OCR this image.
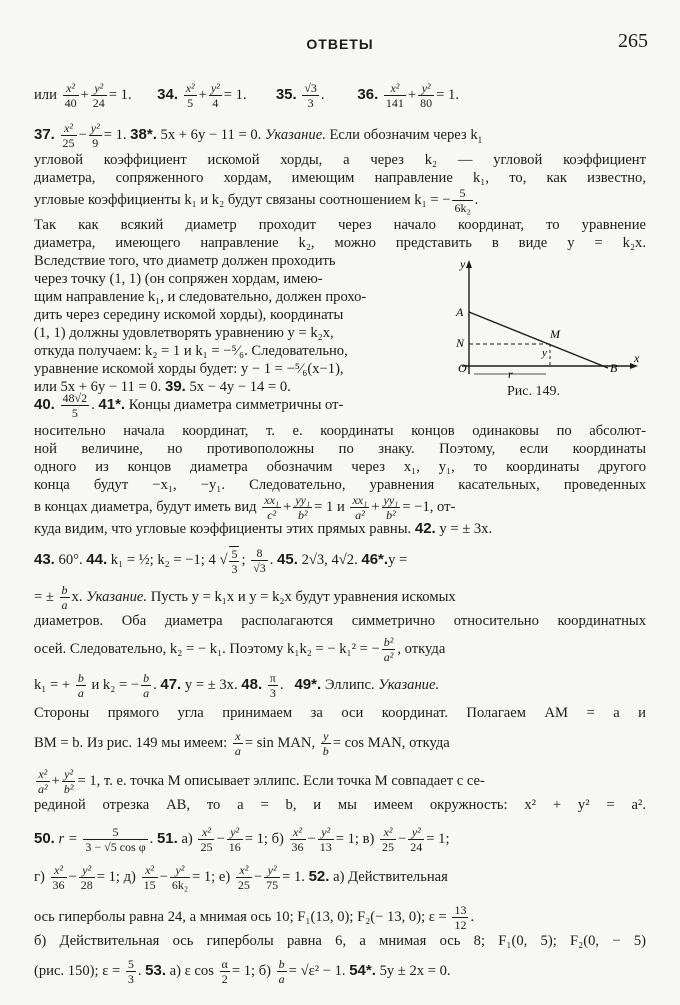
ОТВЕТЫ	265
или $\frac{\text{x²}}{40} + \frac{\text{y²}}{24} = 1$.       34. $\frac{\text{x²}}{5} + \frac{\text{y²}}{4} = 1$.        35. $\frac{√3}{3}$ .         36. $\frac{\text{x²}}{141} + \frac{\text{y²}}{80} = 1$.
37. $\frac{\text{x²}}{25} - \frac{\text{y²}}{9} = 1$. 38*. 5x + 6y − 11 = 0. Указание. Если обозначим через $k_1$
угловой коэффициент искомой хорды, а через k₂ — угловой коэффициент
диаметра, сопряженного хордам, имеющим направление k₁, то, как известно,
угловые коэффициенты k₁ и k₂ будут связаны соотношением k₁ = − $\frac{5}{\text{6k₂}}$ .
Так как всякий диаметр проходит через начало координат, то уравнение
диаметра, имеющего направление k₂, можно представить в виде y = k₂x.
Вследствие того, что диаметр должен проходить
через точку (1, 1) (он сопряжен хордам, имею-
щим направление k₁, и следовательно, должен прохо-
дить через середину искомой хорды), координаты
(1, 1) должны удовлетворять уравнению y = k₂x,
откуда получаем: k₂ = 1 и k₁ = −⁵⁄₆. Следовательно,
уравнение искомой хорды будет: y − 1 = −⁵⁄₆(x−1),
или 5x + 6y − 11 = 0. 39. 5x − 4y − 14 = 0.
y
A
M
N
O	B
x
r
y
Рис. 149.
40. $\frac{48√2}{5}$ . 41*. Концы диаметра симметричны от-
носительно начала координат, т. е. координаты концов одинаковы по абсолют-
ной величине, но противоположны по знаку. Поэтому, если координаты
одного из концов диаметра обозначим через x₁, y₁, то координаты другого
конца будут −x₁, −y₁. Следовательно, уравнения касательных, проведенных
в концах диаметра, будут иметь вид $\frac{\text{xx₁}}{\text{c²}} + \frac{\text{yy₁}}{\text{b²}} = 1$ и $\frac{\text{xx₁}}{\text{a²}} + \frac{\text{yy₁}}{\text{b²}} = -1$, от-
куда видим, что угловые коэффициенты этих прямых равны. 42. y = ± 3x.
43. 60°. 44. k₁ = ½; k₂ = −1; 4 √ $\frac{5}{3}$ ; $\frac{8}{√3}$ . 45. 2√3, 4√2. 46*.y =
= ± $\frac{b}{a} x$. Указание. Пусть y = k₁x и y = k₂x будут уравнения искомых
диаметров. Оба диаметра располагаются симметрично относительно координатных
осей. Следовательно, k₂ = − k₁. Поэтому k₁k₂ = − k₁² = − $\frac{\text{b²}}{\text{a²}}$ , откуда
k₁ = + $\frac{b}{a}$ и k₂ = − $\frac{b}{a}$ . 47. y = ± 3x. 48. $\frac{\pi}{3}$ .   49*. Эллипс. Указание.
Стороны прямого угла принимаем за оси координат. Полагаем AM = a и
BM = b. Из рис. 149 мы имеем: $\frac{x}{a} = \sin$ MAN, $\frac{y}{b} = \cos$ MAN, откуда
$\frac{\text{x²}}{\text{a²}} + \frac{\text{y²}}{\text{b²}} = 1$, т. е. точка M описывает эллипс. Если точка M совпадает с се-
рединой отрезка AB, то a = b, и мы имеем окружность: x² + y² = a².
50. $r = \frac{5}{\text{3 − √5 cos φ}}$ . 51. $а) \frac{\text{x²}}{25} - \frac{\text{y²}}{16} = 1$; $б) \frac{\text{x²}}{36} - \frac{\text{y²}}{13} = 1$; $в) \frac{\text{x²}}{25} - \frac{\text{y²}}{24} = 1$;
$г) \frac{\text{x²}}{36} - \frac{\text{y²}}{28} = 1$; $д) \frac{\text{x²}}{15} - \frac{\text{y²}}{\text{6k₂}} = 1$; $е) \frac{\text{x²}}{25} - \frac{\text{y²}}{75} = 1$. 52. а) Действительная
ось гиперболы равна 24, а мнимая ось 10; F₁(13, 0); F₂(− 13, 0); $\varepsilon = \frac{13}{12}$ .
б) Действительная ось гиперболы равна 6, а мнимая ось 8; F₁(0, 5); F₂(0, − 5)
(рис. 150); $\varepsilon = \frac{5}{3}$ . 53. а) ε $\cos \frac{\alpha}{2} = 1$; $б) \frac{b}{a} = √\varepsilon^2 - 1$. 54*. 5y ± 2x = 0.
